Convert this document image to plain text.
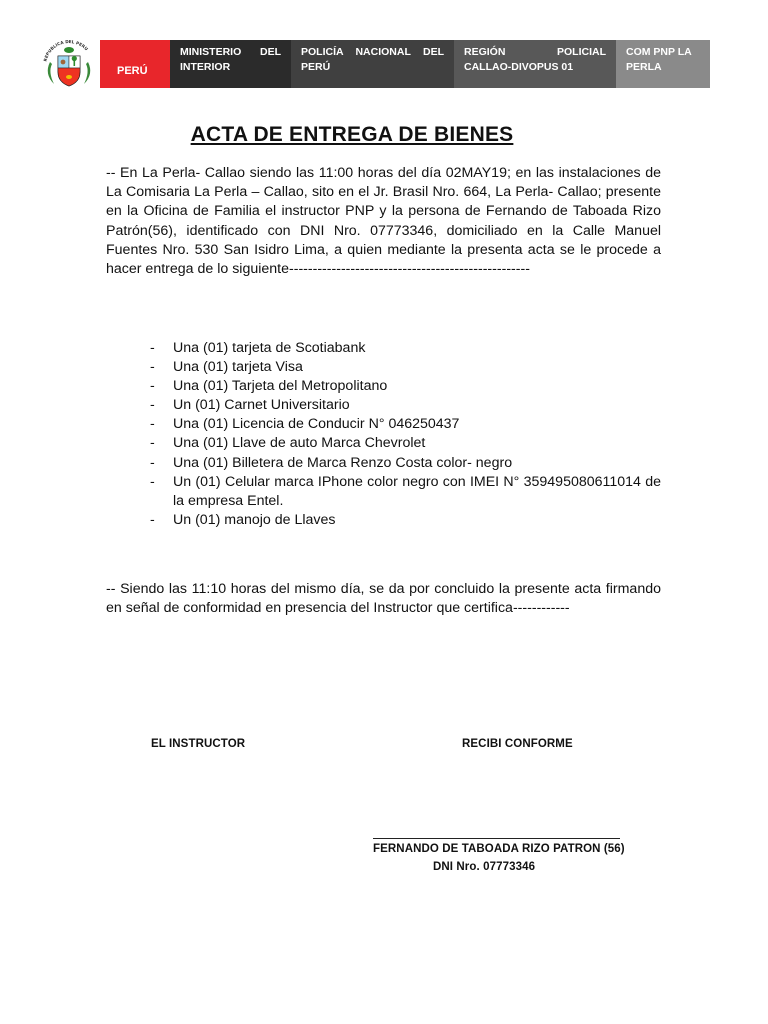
REPUBLICA DEL PERU
PERÚ
MINISTERIO DEL INTERIOR
POLICÍA NACIONAL DEL PERÚ
REGIÓN POLICIAL CALLAO-DIVOPUS 01
COM PNP LA PERLA
ACTA DE ENTREGA DE BIENES

-- En La Perla- Callao siendo las 11:00 horas del día 02MAY19; en las instalaciones de La Comisaria La Perla – Callao, sito en el Jr. Brasil Nro. 664, La Perla- Callao; presente en la Oficina de Familia el instructor PNP y la persona de Fernando de Taboada Rizo Patrón(56), identificado con DNI Nro. 07773346, domiciliado en la Calle Manuel Fuentes Nro. 530 San Isidro Lima, a quien mediante la presenta acta se le procede a hacer entrega de lo siguiente---------------------------------------------------

- Una (01) tarjeta de Scotiabank
- Una (01) tarjeta Visa
- Una (01) Tarjeta del Metropolitano
- Un (01) Carnet Universitario
- Una (01) Licencia de Conducir N° 046250437
- Una (01) Llave de auto Marca Chevrolet
- Una (01) Billetera de Marca Renzo Costa color- negro
- Un (01) Celular marca IPhone color negro con IMEI N° 359495080611014 de la empresa Entel.
- Un (01) manojo de Llaves

-- Siendo las 11:10 horas del mismo día, se da por concluido la presente acta firmando en señal de conformidad en presencia del Instructor que certifica------------

EL INSTRUCTOR	RECIBI CONFORME
FERNANDO DE TABOADA RIZO PATRON (56)
DNI Nro. 07773346
